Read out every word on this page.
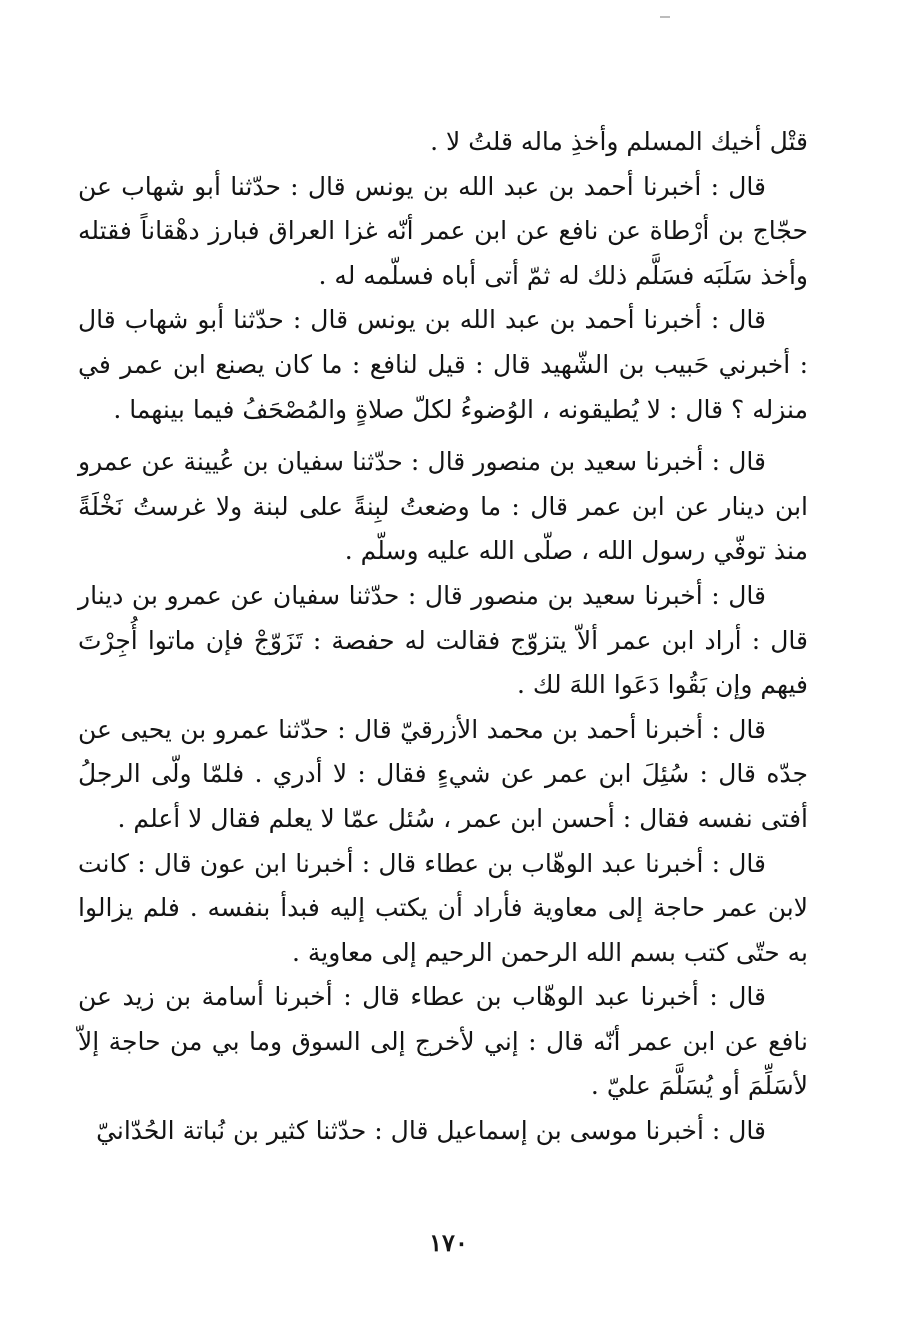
قتْل أخيك المسلم وأخذِ ماله قلتُ لا .

قال : أخبرنا أحمد بن عبد الله بن يونس قال : حدّثنا أبو شهاب عن حجّاج بن أرْطاة عن نافع عن ابن عمر أنّه غزا العراق فبارز دهْقاناً فقتله وأخذ سَلَبَه فسَلَّم ذلك له ثمّ أتى أباه فسلّمه له .

قال : أخبرنا أحمد بن عبد الله بن يونس قال : حدّثنا أبو شهاب قال : أخبرني حَبيب بن الشّهيد قال : قيل لنافع : ما كان يصنع ابن عمر في منزله ؟ قال : لا يُطيقونه ، الوُضوءُ لكلّ صلاةٍ والمُصْحَفُ فيما بينهما .

قال : أخبرنا سعيد بن منصور قال : حدّثنا سفيان بن عُيينة عن عمرو ابن دينار عن ابن عمر قال : ما وضعتُ لبِنةً على لبنة ولا غرستُ نَخْلَةً منذ توفّي رسول الله ، صلّى الله عليه وسلّم .

قال : أخبرنا سعيد بن منصور قال : حدّثنا سفيان عن عمرو بن دينار قال : أراد ابن عمر ألاّ يتزوّج فقالت له حفصة : تَزَوّجْ فإن ماتوا أُجِرْتَ فيهم وإن بَقُوا دَعَوا اللهَ لك .

قال : أخبرنا أحمد بن محمد الأزرقيّ قال : حدّثنا عمرو بن يحيى عن جدّه قال : سُئِلَ ابن عمر عن شيءٍ فقال : لا أدري . فلمّا ولّى الرجلُ أفتى نفسه فقال : أحسن ابن عمر ، سُئل عمّا لا يعلم فقال لا أعلم .

قال : أخبرنا عبد الوهّاب بن عطاء قال : أخبرنا ابن عون قال : كانت لابن عمر حاجة إلى معاوية فأراد أن يكتب إليه فبدأ بنفسه . فلم يزالوا به حتّى كتب بسم الله الرحمن الرحيم إلى معاوية .

قال : أخبرنا عبد الوهّاب بن عطاء قال : أخبرنا أسامة بن زيد عن نافع عن ابن عمر أنّه قال : إني لأخرج إلى السوق وما بي من حاجة إلاّ لأسَلِّمَ أو يُسَلَّمَ عليّ .

قال : أخبرنا موسى بن إسماعيل قال : حدّثنا كثير بن نُباتة الحُدّانيّ

١٧٠
